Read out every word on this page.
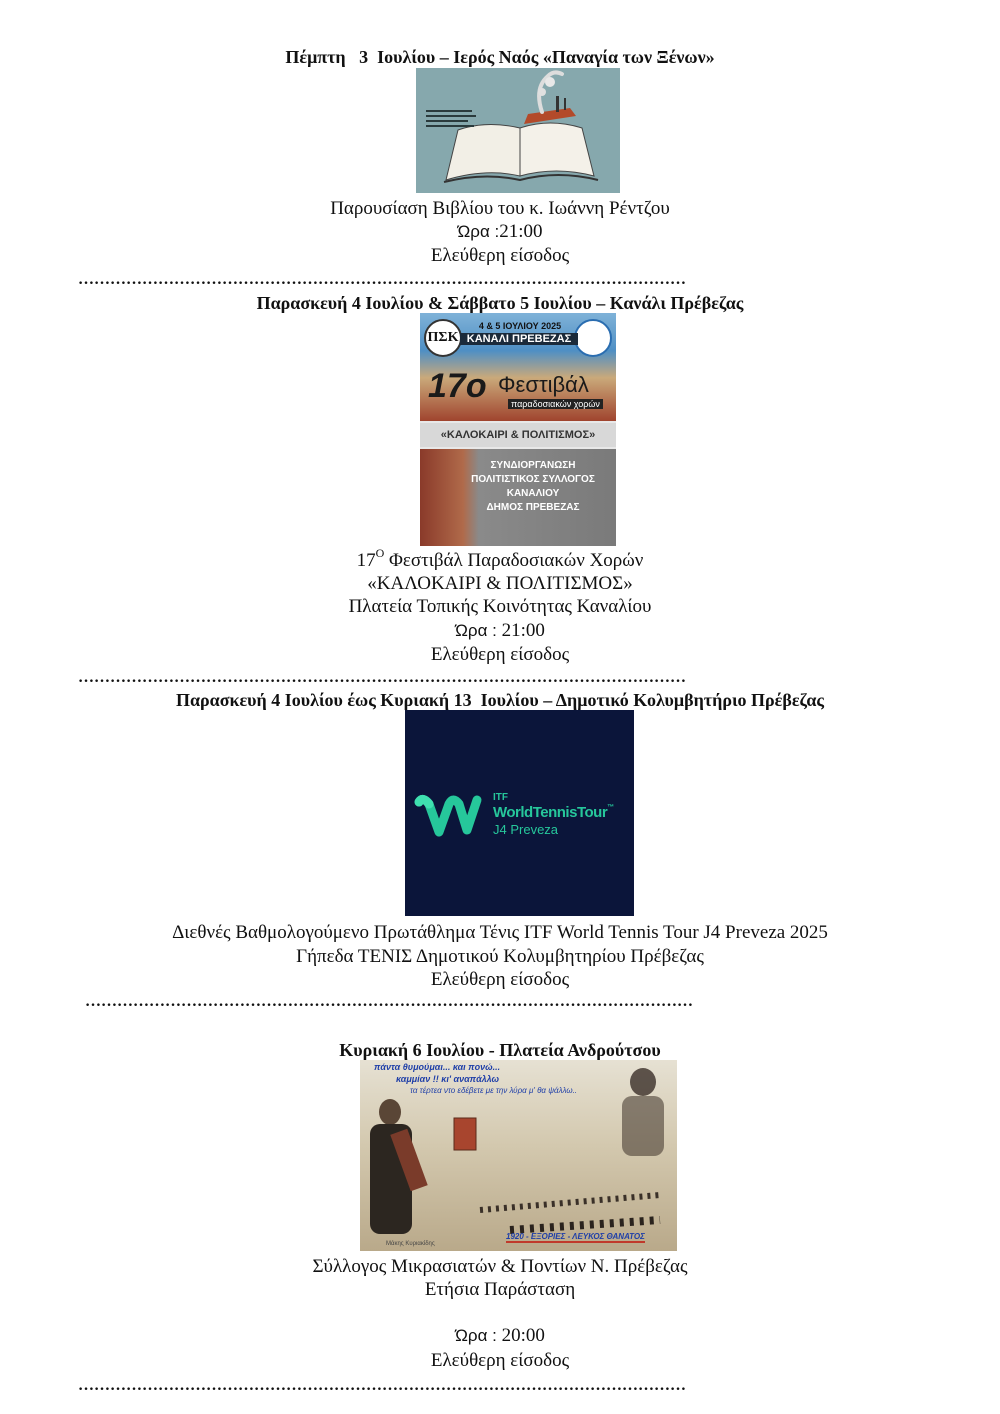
Πέμπτη   3  Ιουλίου – Ιερός Ναός «Παναγία των Ξένων»
Παρουσίαση Βιβλίου του κ. Ιωάννη Ρέντζου
Ώρα :21:00
Ελεύθερη είσοδος
……………………………………………………………………………………………………
Παρασκευή 4 Ιουλίου & Σάββατο 5 Ιουλίου – Κανάλι Πρέβεζας
ΠΣΚ
4 & 5 ΙΟΥΛΙΟΥ 2025
ΚΑΝΑΛΙ ΠΡΕΒΕΖΑΣ
17ο Φεστιβάλ
παραδοσιακών χορών
«ΚΑΛΟΚΑΙΡΙ & ΠΟΛΙΤΙΣΜΟΣ»
ΣΥΝΔΙΟΡΓΑΝΩΣΗ
ΠΟΛΙΤΙΣΤΙΚΟΣ ΣΥΛΛΟΓΟΣ
ΚΑΝΑΛΙΟΥ
ΔΗΜΟΣ ΠΡΕΒΕΖΑΣ
$17^O$ Φεστιβάλ Παραδοσιακών Χορών
«ΚΑΛΟΚΑΙΡΙ & ΠΟΛΙΤΙΣΜΟΣ»
Πλατεία Τοπικής Κοινότητας Καναλίου
Ώρα : 21:00
Ελεύθερη είσοδος
……………………………………………………………………………………………………
Παρασκευή 4 Ιουλίου έως Κυριακή 13  Ιουλίου – Δημοτικό Κολυμβητήριο Πρέβεζας
ITF
WorldTennisTour™
J4 Preveza
Διεθνές Βαθμολογούμενο Πρωτάθλημα Τένις ITF World Tennis Tour J4 Preveza 2025
Γήπεδα ΤΕΝΙΣ Δημοτικού Κολυμβητηρίου Πρέβεζας
Ελεύθερη είσοδος
……………………………………………………………………………………………………
Κυριακή 6 Ιουλίου - Πλατεία Ανδρούτσου
πάντα θυμούμαι... και πονώ...
καμμίαν !! κι' αναπάλλω
τα τέρτεα ντο εδέβετε με την λύρα μ' θα ψάλλω..
1920 - ΕΞΟΡΙΕΣ - ΛΕΥΚΟΣ ΘΑΝΑΤΟΣ
Μάκης Κυριακίδης
Σύλλογος Μικρασιατών & Ποντίων Ν. Πρέβεζας
Ετήσια Παράσταση
Ώρα : 20:00
Ελεύθερη είσοδος
……………………………………………………………………………………………………
